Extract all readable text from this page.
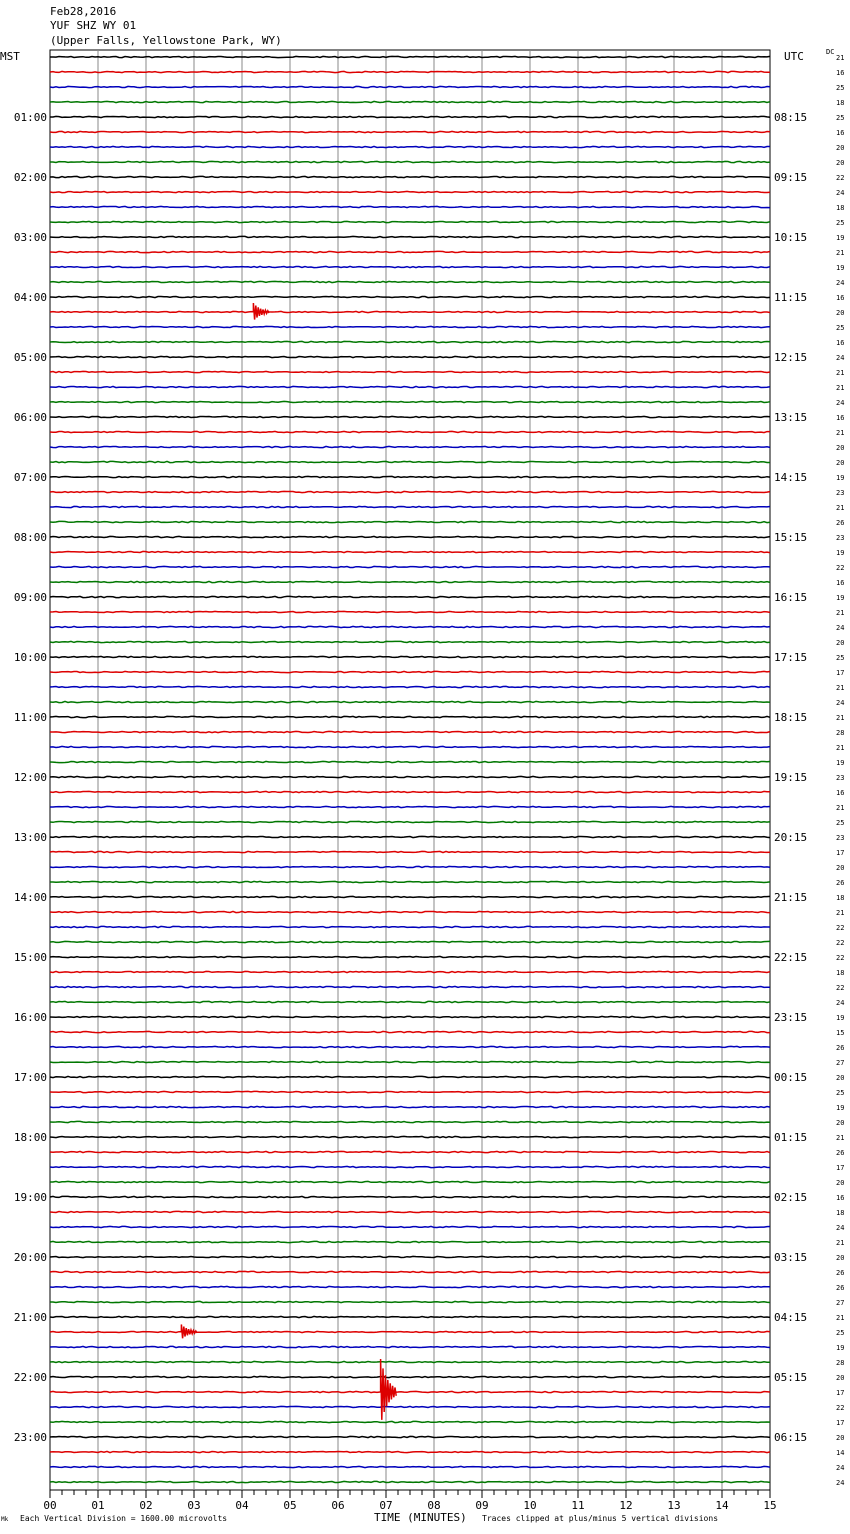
Feb28,2016
YUF SHZ WY 01
(Upper Falls, Yellowstone Park, WY)
MST	UTC	DC
01:00
02:00
03:00
04:00
05:00
06:00
07:00
08:00
09:00
10:00
11:00
12:00
13:00
14:00
15:00
16:00
17:00
18:00
19:00
20:00
21:00
22:00
23:00
08:15
09:15
10:15
11:15
12:15
13:15
14:15
15:15
16:15
17:15
18:15
19:15
20:15
21:15
22:15
23:15
00:15
01:15
02:15
03:15
04:15
05:15
06:15
21
16
25
18
25
16
20
20
22
24
18
25
19
21
19
24
16
20
25
16
24
21
21
24
16
21
20
20
19
23
21
26
23
19
22
16
19
21
24
20
25
17
21
24
21
28
21
19
23
16
21
25
23
17
20
26
18
21
22
22
22
18
22
24
19
15
26
27
20
25
19
20
21
26
17
20
16
18
24
21
20
26
26
27
21
25
19
28
20
17
22
17
20
14
24
24
00	01	02	03	04	05	06	07	08	09	10	11	12	13	14	15
TIME (MINUTES)
Mk Each Vertical Division = 1600.00 microvolts	Traces clipped at plus/minus 5 vertical divisions
